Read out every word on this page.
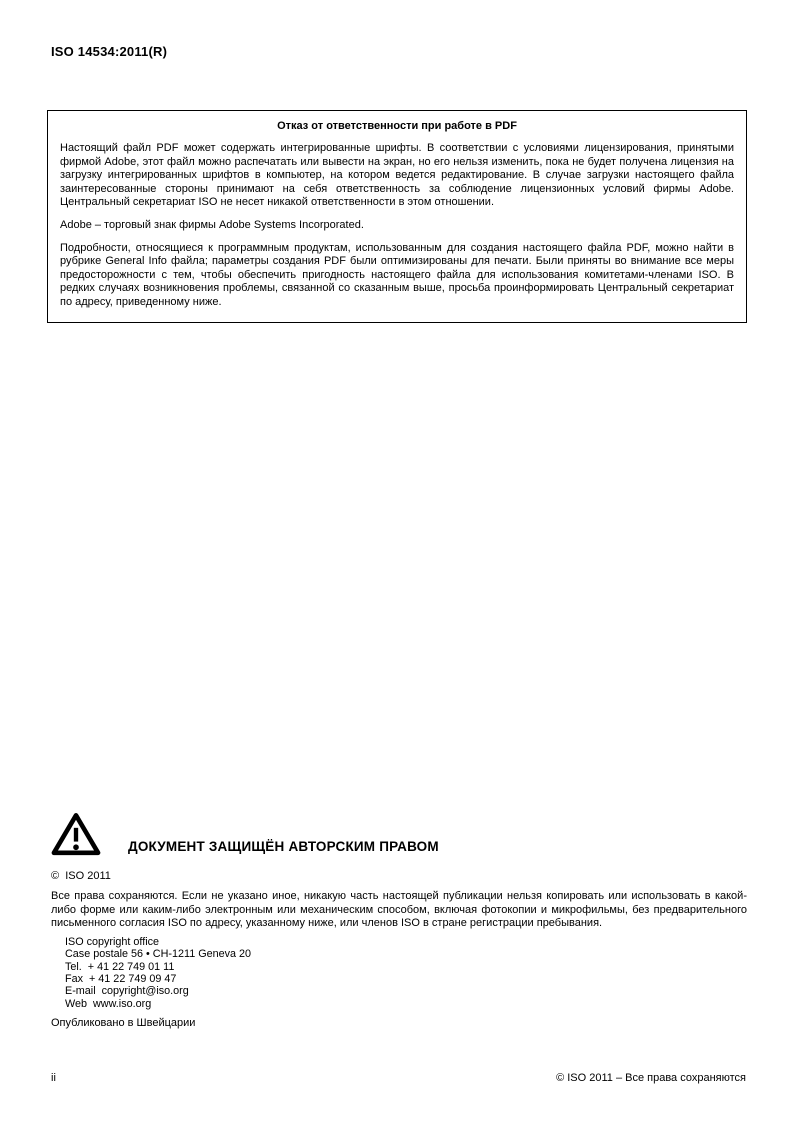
ISO 14534:2011(R)
Отказ от ответственности при работе в PDF

Настоящий файл PDF может содержать интегрированные шрифты. В соответствии с условиями лицензирования, принятыми фирмой Adobe, этот файл можно распечатать или вывести на экран, но его нельзя изменить, пока не будет получена лицензия на загрузку интегрированных шрифтов в компьютер, на котором ведется редактирование. В случае загрузки настоящего файла заинтересованные стороны принимают на себя ответственность за соблюдение лицензионных условий фирмы Adobe. Центральный секретариат ISO не несет никакой ответственности в этом отношении.

Adobe – торговый знак фирмы Adobe Systems Incorporated.

Подробности, относящиеся к программным продуктам, использованным для создания настоящего файла PDF, можно найти в рубрике General Info файла; параметры создания PDF были оптимизированы для печати. Были приняты во внимание все меры предосторожности с тем, чтобы обеспечить пригодность настоящего файла для использования комитетами-членами ISO. В редких случаях возникновения проблемы, связанной со сказанным выше, просьба проинформировать Центральный секретариат по адресу, приведенному ниже.

ДОКУМЕНТ ЗАЩИЩЁН АВТОРСКИМ ПРАВОМ
©  ISO 2011

Все права сохраняются. Если не указано иное, никакую часть настоящей публикации нельзя копировать или использовать в какой-либо форме или каким-либо электронным или механическим способом, включая фотокопии и микрофильмы, без предварительного письменного согласия ISO по адресу, указанному ниже, или членов ISO в стране регистрации пребывания.

ISO copyright office
Case postale 56 • CH-1211 Geneva 20
Tel.  + 41 22 749 01 11
Fax  + 41 22 749 09 47
E-mail  copyright@iso.org
Web  www.iso.org
Опубликовано в Швейцарии
ii	© ISO 2011 – Все права сохраняются
